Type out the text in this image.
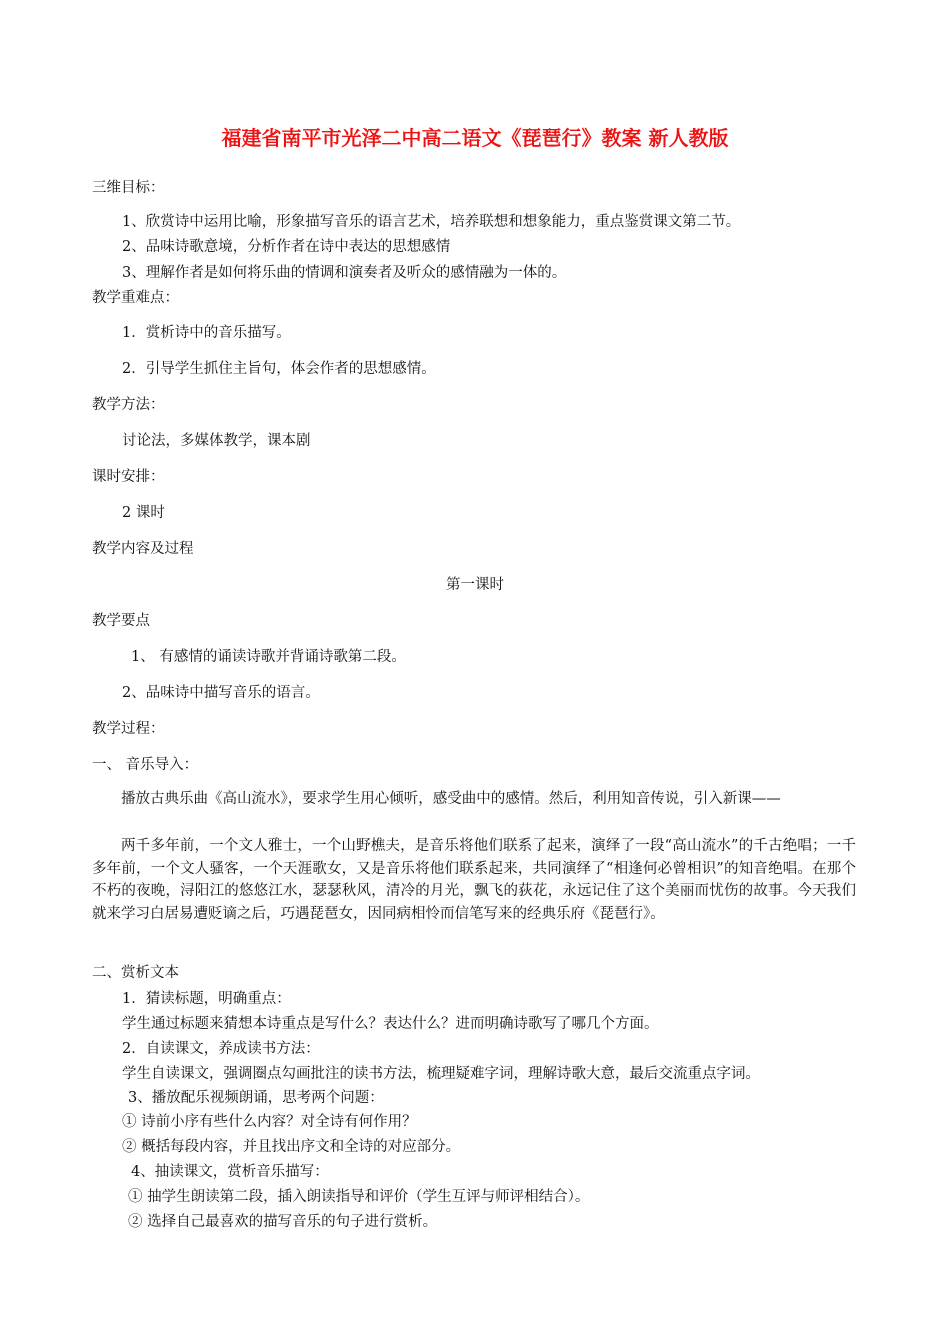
福建省南平市光泽二中高二语文《琵琶行》教案 新人教版
三维目标：
1、欣赏诗中运用比喻，形象描写音乐的语言艺术，培养联想和想象能力，重点鉴赏课文第二节。
2、品味诗歌意境，分析作者在诗中表达的思想感情
3、理解作者是如何将乐曲的情调和演奏者及听众的感情融为一体的。
教学重难点：
1．赏析诗中的音乐描写。
2．引导学生抓住主旨句，体会作者的思想感情。
教学方法：
讨论法，多媒体教学，课本剧
课时安排：
2 课时
教学内容及过程
第一课时
教学要点
1、 有感情的诵读诗歌并背诵诗歌第二段。
2、品味诗中描写音乐的语言。
教学过程：
一、 音乐导入：
播放古典乐曲《高山流水》，要求学生用心倾听，感受曲中的感情。然后，利用知音传说，引入新课——
两千多年前，一个文人雅士，一个山野樵夫，是音乐将他们联系了起来，演绎了一段“高山流水”的千古绝唱；一千多年前，一个文人骚客，一个天涯歌女，又是音乐将他们联系起来，共同演绎了“相逢何必曾相识”的知音绝唱。在那个不朽的夜晚，浔阳江的悠悠江水，瑟瑟秋风，清冷的月光，飘飞的荻花，永远记住了这个美丽而忧伤的故事。今天我们就来学习白居易遭贬谪之后，巧遇琵琶女，因同病相怜而信笔写来的经典乐府《琵琶行》。
二、赏析文本
1．猜读标题，明确重点：
学生通过标题来猜想本诗重点是写什么？表达什么？进而明确诗歌写了哪几个方面。
2．自读课文，养成读书方法：
学生自读课文，强调圈点勾画批注的读书方法，梳理疑难字词，理解诗歌大意，最后交流重点字词。
3、播放配乐视频朗诵，思考两个问题：
① 诗前小序有些什么内容？对全诗有何作用？
② 概括每段内容，并且找出序文和全诗的对应部分。
4、抽读课文，赏析音乐描写：
① 抽学生朗读第二段，插入朗读指导和评价（学生互评与师评相结合）。
② 选择自己最喜欢的描写音乐的句子进行赏析。
